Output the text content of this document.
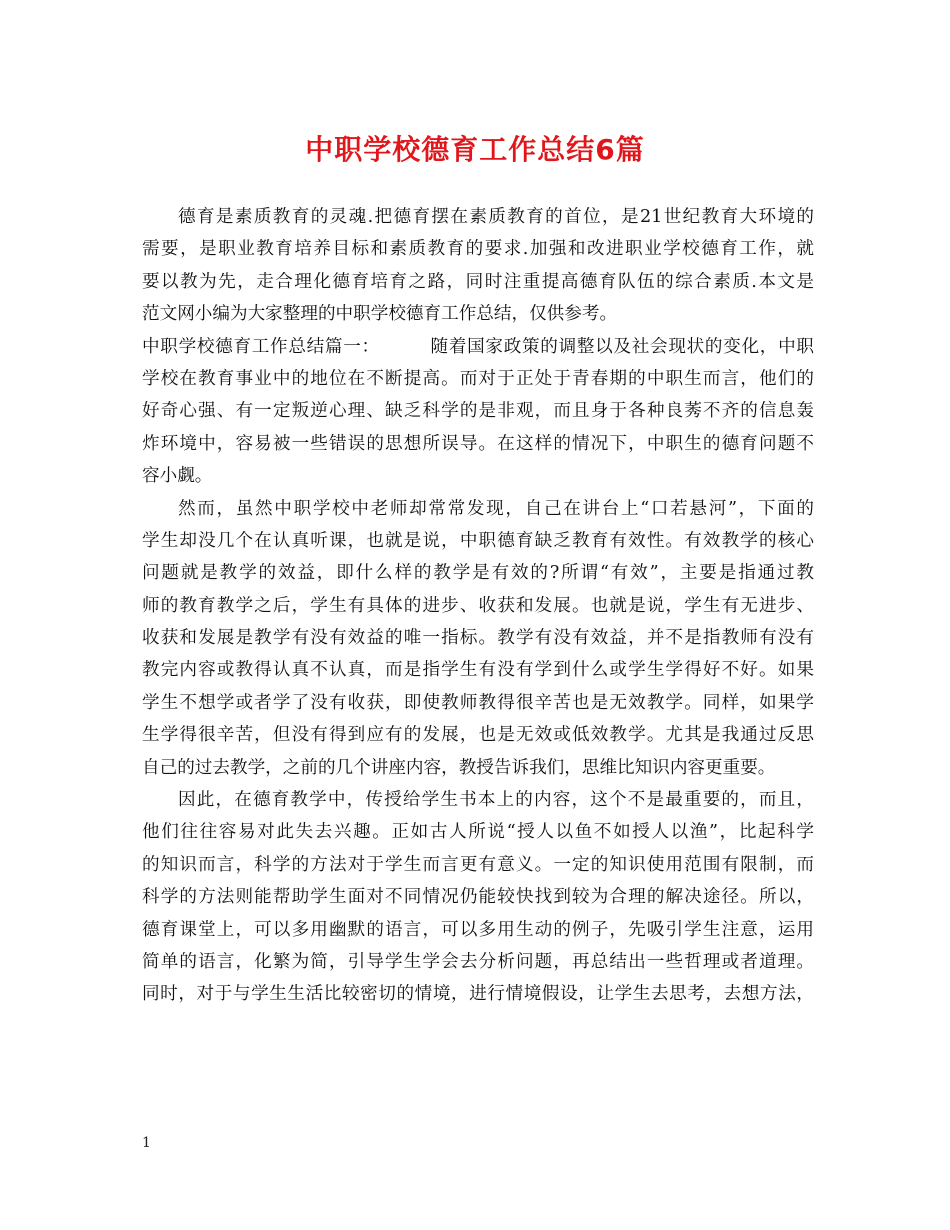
中职学校德育工作总结6篇
德育是素质教育的灵魂.把德育摆在素质教育的首位，是21世纪教育大环境的
需要，是职业教育培养目标和素质教育的要求.加强和改进职业学校德育工作，就
要以教为先，走合理化德育培育之路，同时注重提高德育队伍的综合素质.本文是
范文网小编为大家整理的中职学校德育工作总结，仅供参考。
中职学校德育工作总结篇一：	随着国家政策的调整以及社会现状的变化，中职
学校在教育事业中的地位在不断提高。而对于正处于青春期的中职生而言，他们的
好奇心强、有一定叛逆心理、缺乏科学的是非观，而且身于各种良莠不齐的信息轰
炸环境中，容易被一些错误的思想所误导。在这样的情况下，中职生的德育问题不
容小觑。
然而，虽然中职学校中老师却常常发现，自己在讲台上“口若悬河”，下面的
学生却没几个在认真听课，也就是说，中职德育缺乏教育有效性。有效教学的核心
问题就是教学的效益，即什么样的教学是有效的?所谓“有效”，主要是指通过教
师的教育教学之后，学生有具体的进步、收获和发展。也就是说，学生有无进步、
收获和发展是教学有没有效益的唯一指标。教学有没有效益，并不是指教师有没有
教完内容或教得认真不认真，而是指学生有没有学到什么或学生学得好不好。如果
学生不想学或者学了没有收获，即使教师教得很辛苦也是无效教学。同样，如果学
生学得很辛苦，但没有得到应有的发展，也是无效或低效教学。尤其是我通过反思
自己的过去教学，之前的几个讲座内容，教授告诉我们，思维比知识内容更重要。
因此，在德育教学中，传授给学生书本上的内容，这个不是最重要的，而且，
他们往往容易对此失去兴趣。正如古人所说“授人以鱼不如授人以渔”，比起科学
的知识而言，科学的方法对于学生而言更有意义。一定的知识使用范围有限制，而
科学的方法则能帮助学生面对不同情况仍能较快找到较为合理的解决途径。所以，
德育课堂上，可以多用幽默的语言，可以多用生动的例子，先吸引学生注意，运用
简单的语言，化繁为简，引导学生学会去分析问题，再总结出一些哲理或者道理。
同时，对于与学生生活比较密切的情境，进行情境假设，让学生去思考，去想方法，
1
